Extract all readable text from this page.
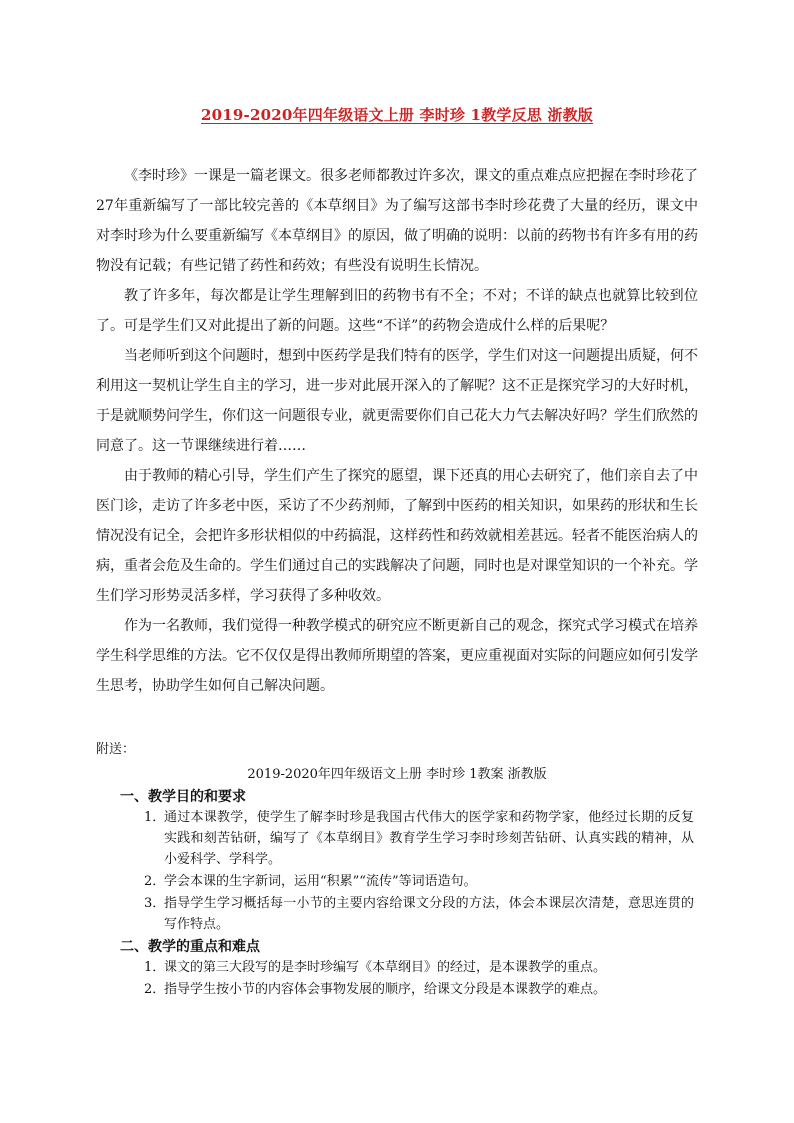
2019-2020年四年级语文上册 李时珍 1教学反思 浙教版

《李时珍》一课是一篇老课文。很多老师都教过许多次，课文的重点难点应把握在李时珍花了27年重新编写了一部比较完善的《本草纲目》为了编写这部书李时珍花费了大量的经历，课文中对李时珍为什么要重新编写《本草纲目》的原因，做了明确的说明：以前的药物书有许多有用的药物没有记载；有些记错了药性和药效；有些没有说明生长情况。

教了许多年，每次都是让学生理解到旧的药物书有不全；不对；不详的缺点也就算比较到位了。可是学生们又对此提出了新的问题。这些“不详”的药物会造成什么样的后果呢？

当老师听到这个问题时，想到中医药学是我们特有的医学，学生们对这一问题提出质疑，何不利用这一契机让学生自主的学习，进一步对此展开深入的了解呢？这不正是探究学习的大好时机，于是就顺势问学生，你们这一问题很专业，就更需要你们自己花大力气去解决好吗？学生们欣然的同意了。这一节课继续进行着……

由于教师的精心引导，学生们产生了探究的愿望，课下还真的用心去研究了，他们亲自去了中医门诊，走访了许多老中医，采访了不少药剂师，了解到中医药的相关知识，如果药的形状和生长情况没有记全，会把许多形状相似的中药搞混，这样药性和药效就相差甚远。轻者不能医治病人的病，重者会危及生命的。学生们通过自己的实践解决了问题，同时也是对课堂知识的一个补充。学生们学习形势灵活多样，学习获得了多种收效。

作为一名教师，我们觉得一种教学模式的研究应不断更新自己的观念，探究式学习模式在培养学生科学思维的方法。它不仅仅是得出教师所期望的答案，更应重视面对实际的问题应如何引发学生思考，协助学生如何自己解决问题。

附送：
2019-2020年四年级语文上册 李时珍 1教案 浙教版
一、教学目的和要求
1．
通过本课教学，使学生了解李时珍是我国古代伟大的医学家和药物学家，他经过长期的反复实践和刻苦钻研，编写了《本草纲目》教育学生学习李时珍刻苦钻研、认真实践的精神，从小爱科学、学科学。
2．
学会本课的生字新词，运用“积累”“流传”等词语造句。
3．
指导学生学习概括每一小节的主要内容给课文分段的方法，体会本课层次清楚，意思连贯的写作特点。
二、教学的重点和难点
1．
课文的第三大段写的是李时珍编写《本草纲目》的经过，是本课教学的重点。
2．
指导学生按小节的内容体会事物发展的顺序，给课文分段是本课教学的难点。
